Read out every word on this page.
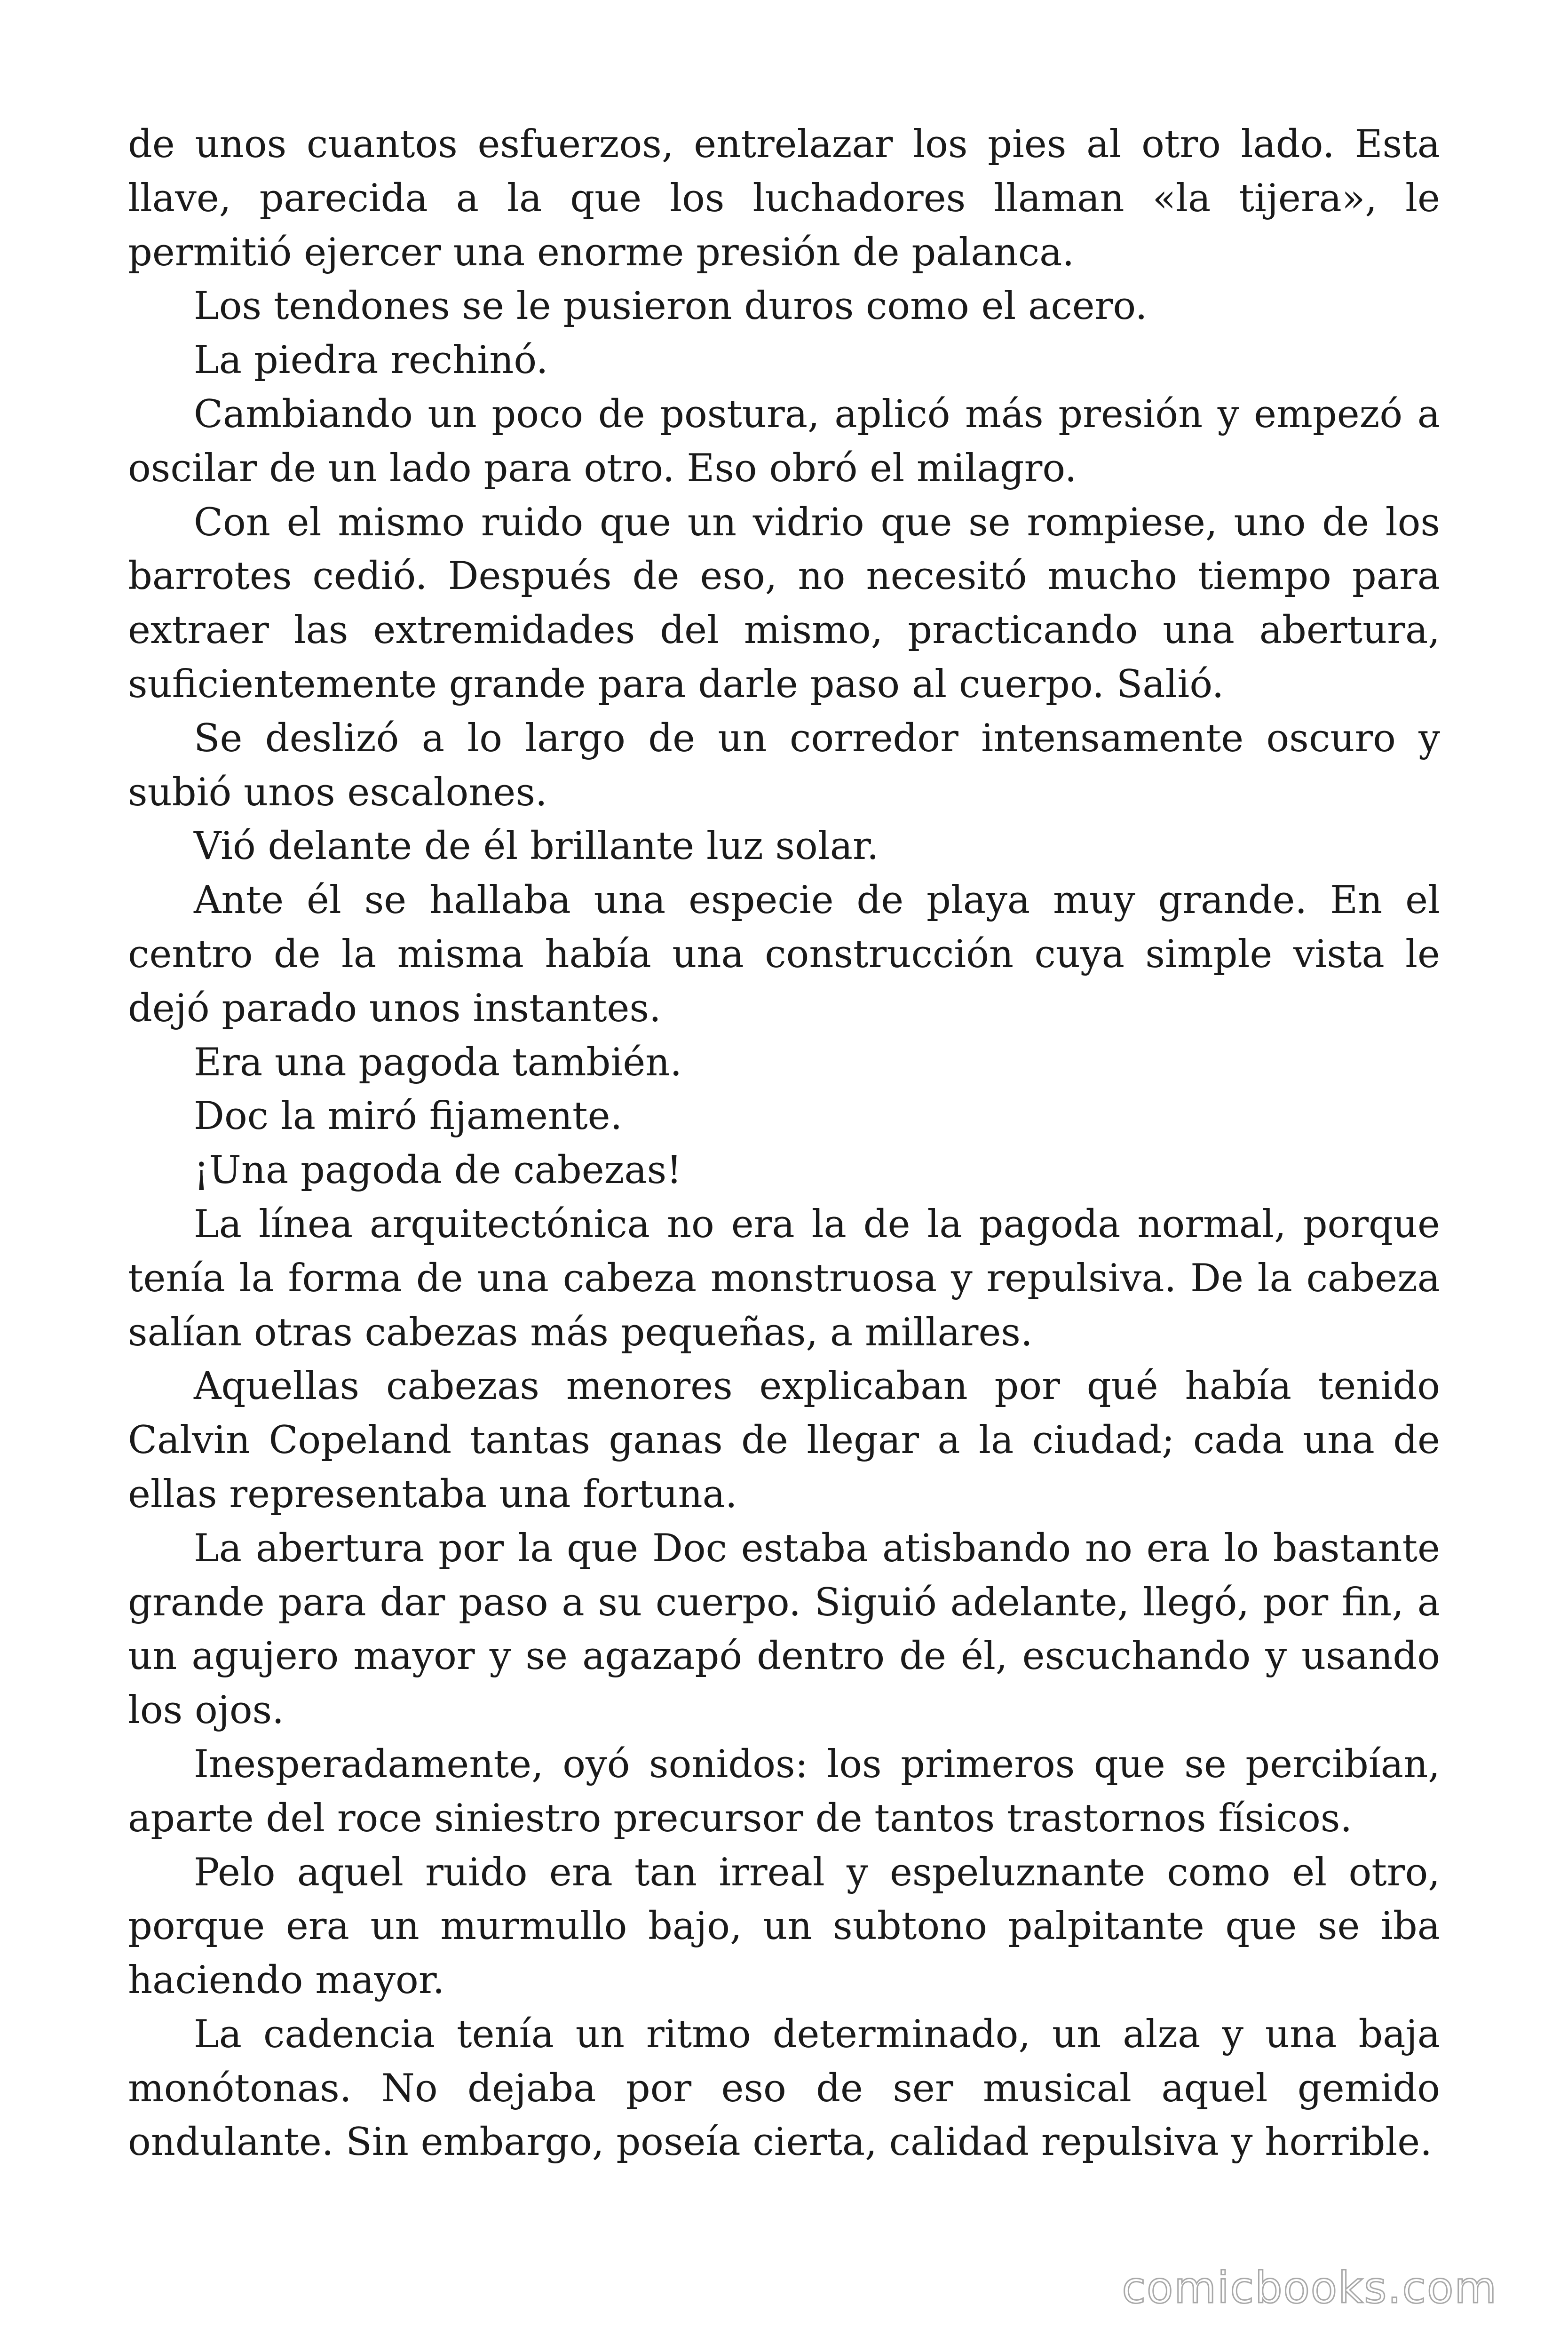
de unos cuantos esfuerzos, entrelazar los pies al otro lado. Esta llave, parecida a la que los luchadores llaman «la tijera», le permitió ejercer una enorme presión de palanca.

Los tendones se le pusieron duros como el acero.

La piedra rechinó.

Cambiando un poco de postura, aplicó más presión y empezó a oscilar de un lado para otro. Eso obró el milagro.

Con el mismo ruido que un vidrio que se rompiese, uno de los barrotes cedió. Después de eso, no necesitó mucho tiempo para extraer las extremidades del mismo, practicando una abertura, suficientemente grande para darle paso al cuerpo. Salió.

Se deslizó a lo largo de un corredor intensamente oscuro y subió unos escalones.

Vió delante de él brillante luz solar.

Ante él se hallaba una especie de playa muy grande. En el centro de la misma había una construcción cuya simple vista le dejó parado unos instantes.

Era una pagoda también.

Doc la miró fijamente.

¡Una pagoda de cabezas!

La línea arquitectónica no era la de la pagoda normal, porque tenía la forma de una cabeza monstruosa y repulsiva. De la cabeza salían otras cabezas más pequeñas, a millares.

Aquellas cabezas menores explicaban por qué había tenido Calvin Copeland tantas ganas de llegar a la ciudad; cada una de ellas representaba una fortuna.

La abertura por la que Doc estaba atisbando no era lo bastante grande para dar paso a su cuerpo. Siguió adelante, llegó, por fin, a un agujero mayor y se agazapó dentro de él, escuchando y usando los ojos.

Inesperadamente, oyó sonidos: los primeros que se percibían, aparte del roce siniestro precursor de tantos trastornos físicos.

Pelo aquel ruido era tan irreal y espeluznante como el otro, porque era un murmullo bajo, un subtono palpitante que se iba haciendo mayor.

La cadencia tenía un ritmo determinado, un alza y una baja monótonas. No dejaba por eso de ser musical aquel gemido ondulante. Sin embargo, poseía cierta, calidad repulsiva y horrible.

comicbooks.com
